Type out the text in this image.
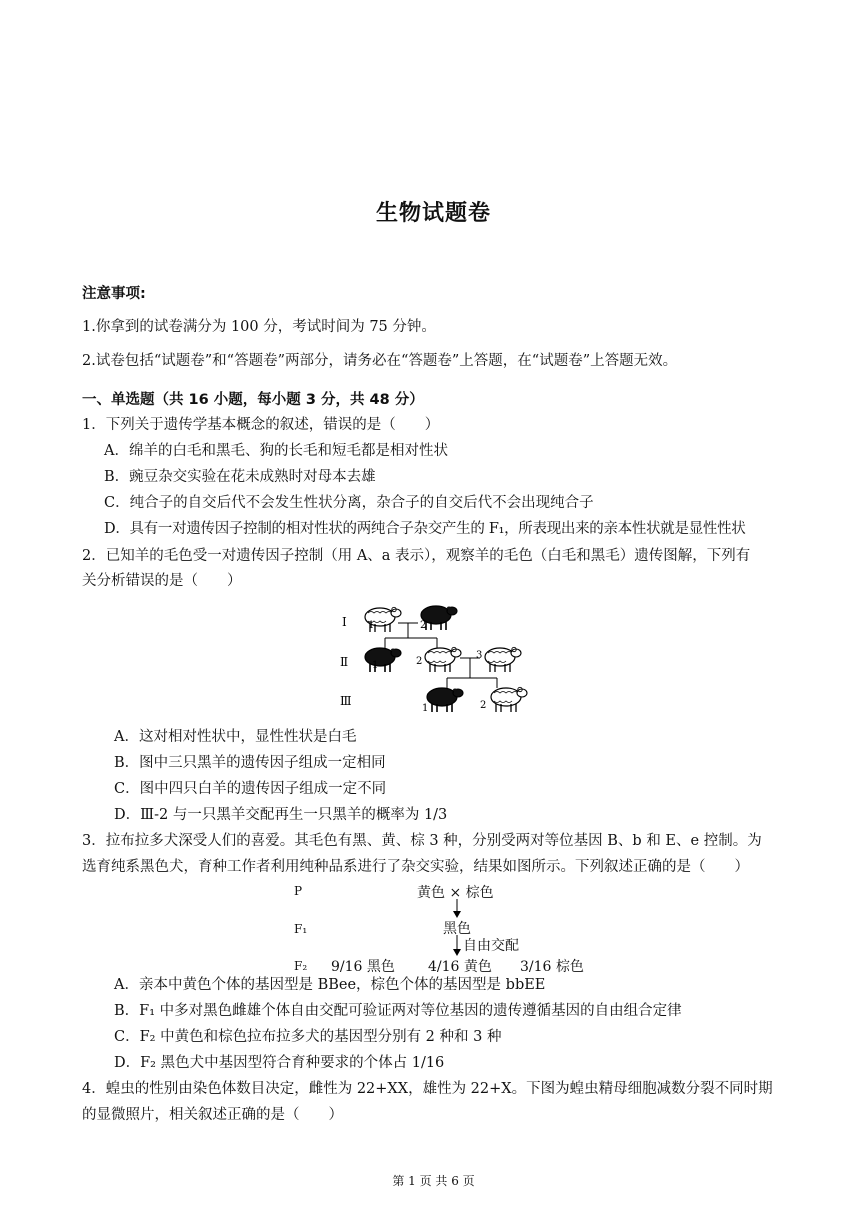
生物试题卷
注意事项:
1.你拿到的试卷满分为 100 分，考试时间为 75 分钟。
2.试卷包括“试题卷”和“答题卷”两部分，请务必在“答题卷”上答题，在“试题卷”上答题无效。
一、单选题（共 16 小题，每小题 3 分，共 48 分）
1．下列关于遗传学基本概念的叙述，错误的是（　　）
A．绵羊的白毛和黑毛、狗的长毛和短毛都是相对性状
B．豌豆杂交实验在花未成熟时对母本去雄
C．纯合子的自交后代不会发生性状分离，杂合子的自交后代不会出现纯合子
D．具有一对遗传因子控制的相对性状的两纯合子杂交产生的 F₁，所表现出来的亲本性状就是显性性状
2．已知羊的毛色受一对遗传因子控制（用 A、a 表示），观察羊的毛色（白毛和黑毛）遗传图解，下列有
关分析错误的是（　　）
Ⅰ
Ⅱ
Ⅲ
1	2
1	2
3
1	2
A．这对相对性状中，显性性状是白毛
B．图中三只黑羊的遗传因子组成一定相同
C．图中四只白羊的遗传因子组成一定不同
D．Ⅲ-2 与一只黑羊交配再生一只黑羊的概率为 1/3
3．拉布拉多犬深受人们的喜爱。其毛色有黑、黄、棕 3 种，分别受两对等位基因 B、b 和 E、e 控制。为
选育纯系黑色犬，育种工作者利用纯种品系进行了杂交实验，结果如图所示。下列叙述正确的是（　　）
P	黄色 × 棕色
F₁	黑色
自由交配
F₂ 9/16 黑色 4/16 黄色 3/16 棕色
A．亲本中黄色个体的基因型是 BBee，棕色个体的基因型是 bbEE
B．F₁ 中多对黑色雌雄个体自由交配可验证两对等位基因的遗传遵循基因的自由组合定律
C．F₂ 中黄色和棕色拉布拉多犬的基因型分别有 2 种和 3 种
D．F₂ 黑色犬中基因型符合育种要求的个体占 1/16
4．蝗虫的性别由染色体数目决定，雌性为 22+XX，雄性为 22+X。下图为蝗虫精母细胞减数分裂不同时期
的显微照片，相关叙述正确的是（　　）
第 1 页 共 6 页
